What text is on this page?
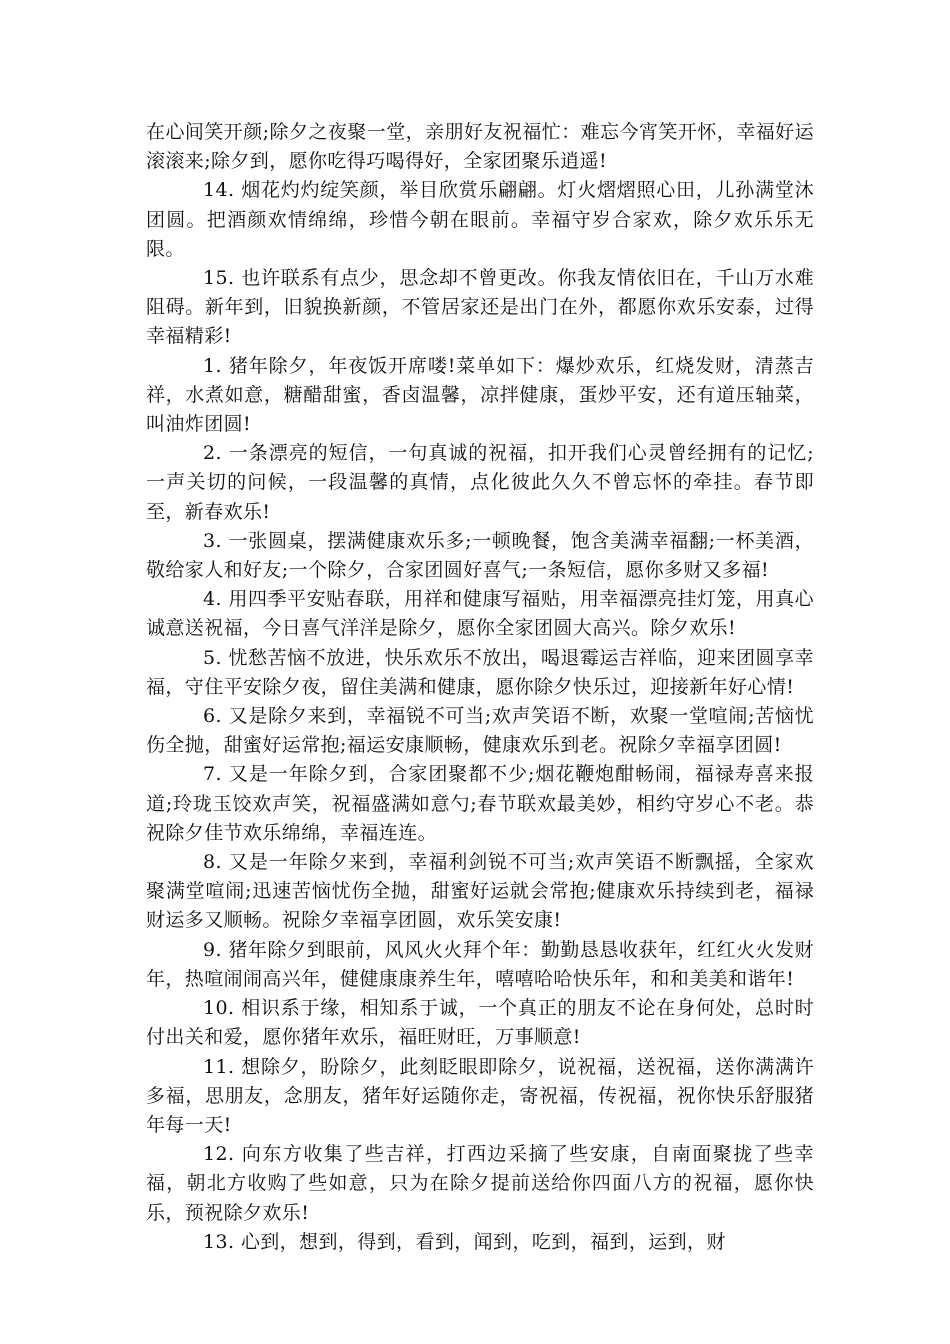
在心间笑开颜;除夕之夜聚一堂，亲朋好友祝福忙：难忘今宵笑开怀，幸福好运滚滚来;除夕到，愿你吃得巧喝得好，全家团聚乐逍遥!

14. 烟花灼灼绽笑颜，举目欣赏乐翩翩。灯火熠熠照心田，儿孙满堂沐团圆。把酒颜欢情绵绵，珍惜今朝在眼前。幸福守岁合家欢，除夕欢乐乐无限。

15. 也许联系有点少，思念却不曾更改。你我友情依旧在，千山万水难阻碍。新年到，旧貌换新颜，不管居家还是出门在外，都愿你欢乐安泰，过得幸福精彩!

1. 猪年除夕，年夜饭开席喽!菜单如下：爆炒欢乐，红烧发财，清蒸吉祥，水煮如意，糖醋甜蜜，香卤温馨，凉拌健康，蛋炒平安，还有道压轴菜，叫油炸团圆!

2. 一条漂亮的短信，一句真诚的祝福，扣开我们心灵曾经拥有的记忆;一声关切的问候，一段温馨的真情，点化彼此久久不曾忘怀的牵挂。春节即至，新春欢乐!

3. 一张圆桌，摆满健康欢乐多;一顿晚餐，饱含美满幸福翻;一杯美酒，敬给家人和好友;一个除夕，合家团圆好喜气;一条短信，愿你多财又多福!

4. 用四季平安贴春联，用祥和健康写福贴，用幸福漂亮挂灯笼，用真心诚意送祝福，今日喜气洋洋是除夕，愿你全家团圆大高兴。除夕欢乐!

5. 忧愁苦恼不放进，快乐欢乐不放出，喝退霉运吉祥临，迎来团圆享幸福，守住平安除夕夜，留住美满和健康，愿你除夕快乐过，迎接新年好心情!

6. 又是除夕来到，幸福锐不可当;欢声笑语不断，欢聚一堂喧闹;苦恼忧伤全抛，甜蜜好运常抱;福运安康顺畅，健康欢乐到老。祝除夕幸福享团圆!

7. 又是一年除夕到，合家团聚都不少;烟花鞭炮酣畅闹，福禄寿喜来报道;玲珑玉饺欢声笑，祝福盛满如意勺;春节联欢最美妙，相约守岁心不老。恭祝除夕佳节欢乐绵绵，幸福连连。

8. 又是一年除夕来到，幸福利剑锐不可当;欢声笑语不断飘摇，全家欢聚满堂喧闹;迅速苦恼忧伤全抛，甜蜜好运就会常抱;健康欢乐持续到老，福禄财运多又顺畅。祝除夕幸福享团圆，欢乐笑安康!

9. 猪年除夕到眼前，风风火火拜个年：勤勤恳恳收获年，红红火火发财年，热喧闹闹高兴年，健健康康养生年，嘻嘻哈哈快乐年，和和美美和谐年!

10. 相识系于缘，相知系于诚，一个真正的朋友不论在身何处，总时时付出关和爱，愿你猪年欢乐，福旺财旺，万事顺意!

11. 想除夕，盼除夕，此刻眨眼即除夕，说祝福，送祝福，送你满满许多福，思朋友，念朋友，猪年好运随你走，寄祝福，传祝福，祝你快乐舒服猪年每一天!

12. 向东方收集了些吉祥，打西边采摘了些安康，自南面聚拢了些幸福，朝北方收购了些如意，只为在除夕提前送给你四面八方的祝福，愿你快乐，预祝除夕欢乐!

13. 心到，想到，得到，看到，闻到，吃到，福到，运到，财
